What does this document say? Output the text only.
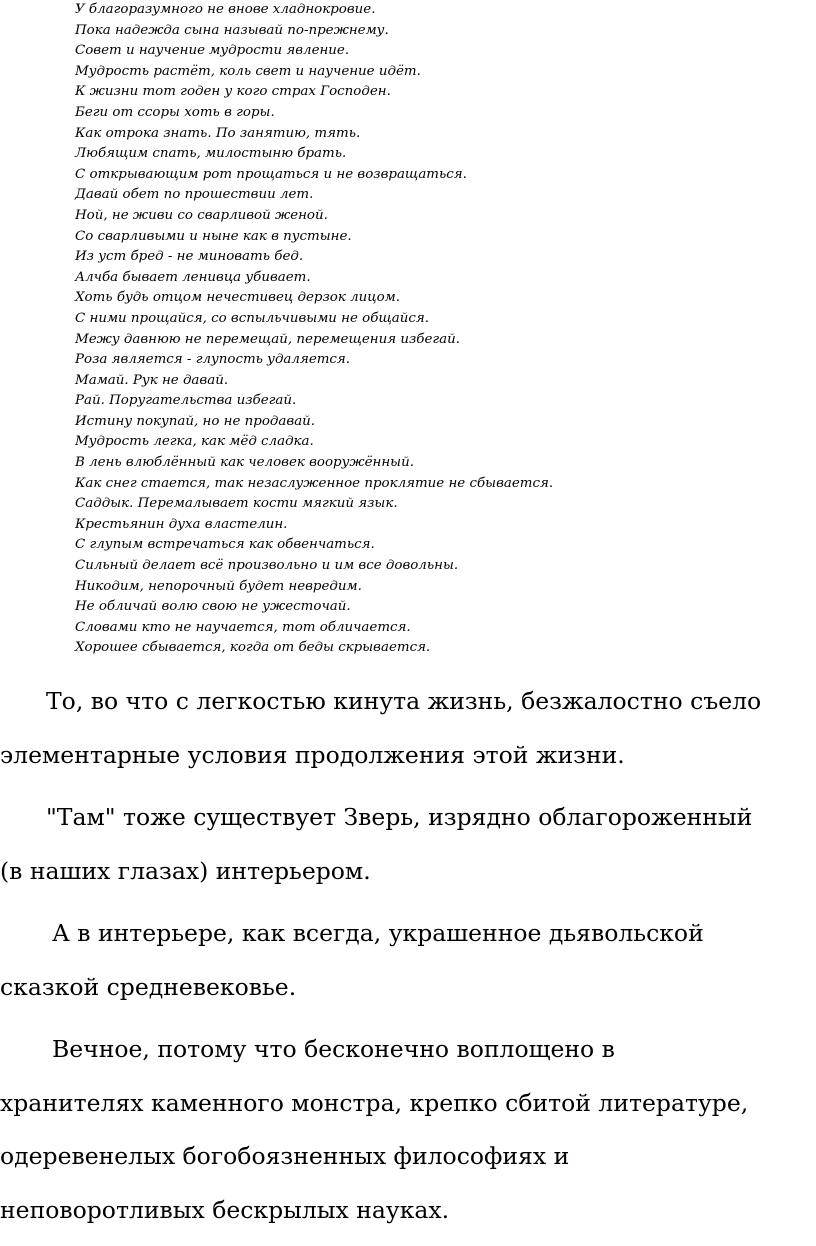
У благоразумного не внове хладнокровие.
Пока надежда сына называй по-прежнему.
Совет и научение мудрости явление.
Мудрость растёт, коль свет и научение идёт.
К жизни тот годен у кого страх Господен.
Беги от ссоры хоть в горы.
Как отрока знать. По занятию, тять.
Любящим спать, милостыню брать.
С открывающим рот прощаться и не возвращаться.
Давай обет по прошествии лет.
Ной, не живи со сварливой женой.
Со сварливыми и ныне как в пустыне.
Из уст бред - не миновать бед.
Алчба бывает ленивца убивает.
Хоть будь отцом нечестивец дерзок лицом.
С ними прощайся, со вспыльчивыми не общайся.
Межу давнюю не перемещай, перемещения избегай.
Роза является - глупость удаляется.
Мамай. Рук не давай.
Рай. Поругательства избегай.
Истину покупай, но не продавай.
Мудрость легка, как мёд сладка.
В лень влюблённый как человек вооружённый.
Как снег стается, так незаслуженное проклятие не сбывается.
Саддык. Перемалывает кости мягкий язык.
Крестьянин духа властелин.
С глупым встречаться как обвенчаться.
Сильный делает всё произвольно и им все довольны.
Никодим, непорочный будет невредим.
Не обличай волю свою не ужесточай.
Словами кто не научается, тот обличается.
Хорошее сбывается, когда от беды скрывается.

То, во что с легкостью кинута жизнь, безжалостно съело
элементарные условия продолжения этой жизни.

"Там" тоже существует Зверь, изрядно облагороженный
(в наших глазах) интерьером.

А в интерьере, как всегда, украшенное дьявольской
сказкой средневековье.

Вечное, потому что бесконечно воплощено в
хранителях каменного монстра, крепко сбитой литературе,
одеревенелых богобоязненных философиях и
неповоротливых бескрылых науках.
